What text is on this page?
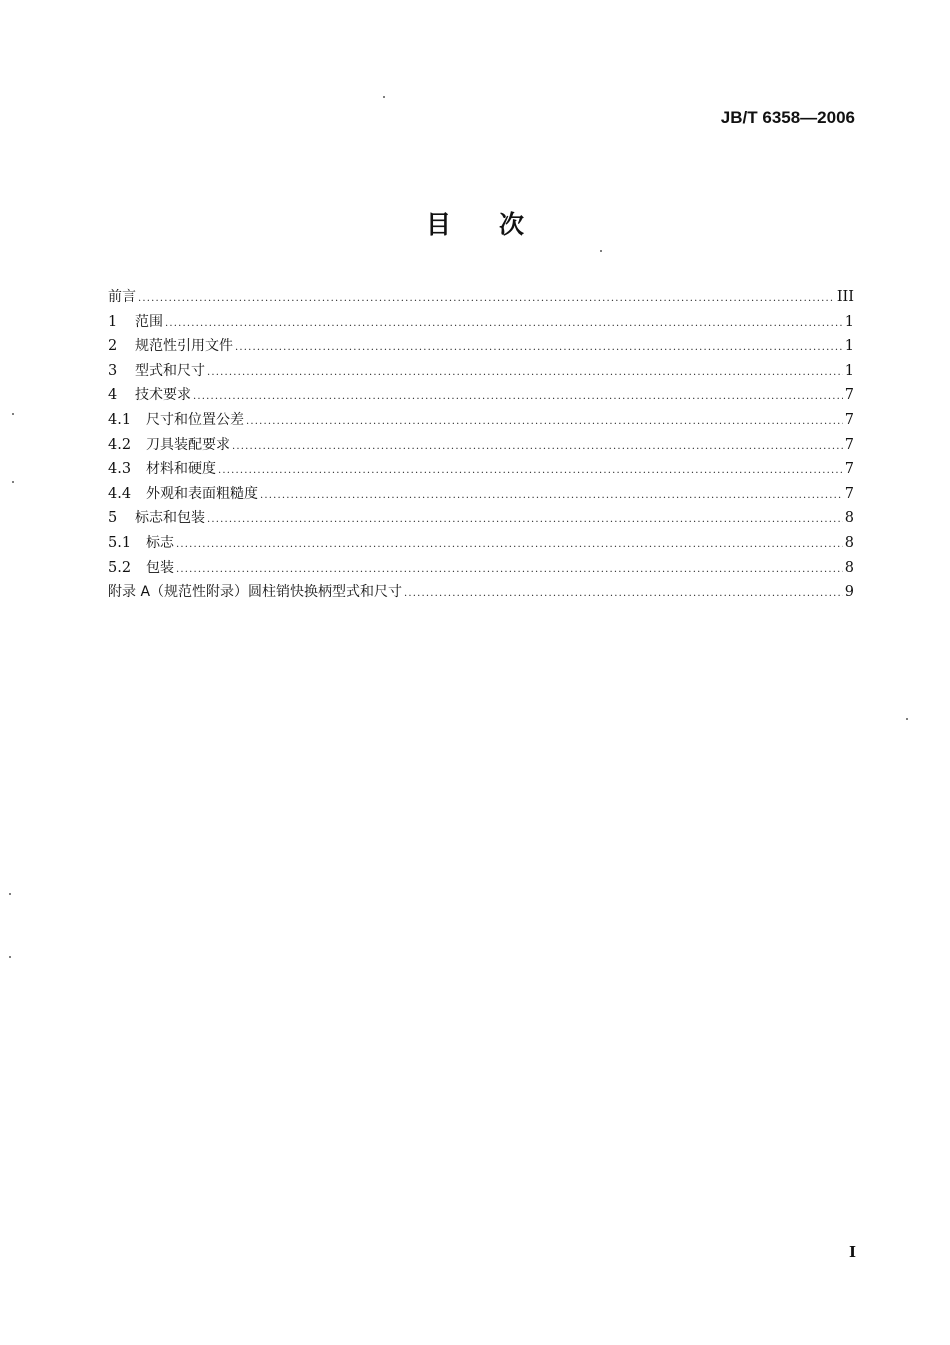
JB/T 6358—2006
目次
前言 .....	III
1	范围 .....	1
2	规范性引用文件 .....	1
3	型式和尺寸 .....	1
4	技术要求 .....	7
4.1	尺寸和位置公差 .....	7
4.2	刀具装配要求 .....	7
4.3	材料和硬度 .....	7
4.4	外观和表面粗糙度 .....	7
5	标志和包装 .....	8
5.1	标志 .....	8
5.2	包装 .....	8
附录 A（规范性附录）圆柱销快换柄型式和尺寸 .....	9
I
